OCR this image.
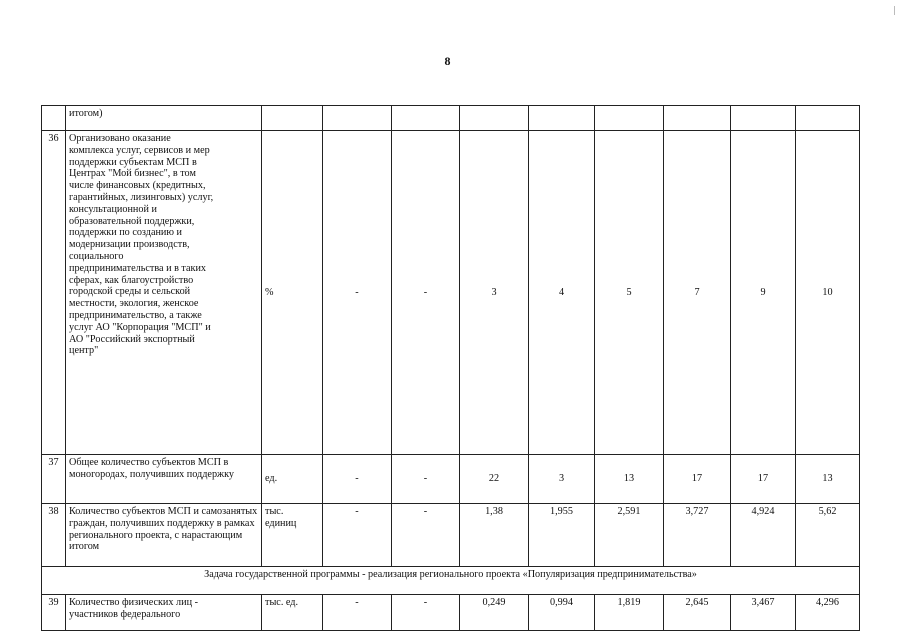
8
	итогом)									
36	Организовано оказание комплекса услуг, сервисов и мер поддержки субъектам МСП в Центрах "Мой бизнес", в том числе финансовых (кредитных, гарантийных, лизинговых) услуг, консультационной и образовательной поддержки, поддержки по созданию и модернизации производств, социального предпринимательства и в таких сферах, как благоустройство городской среды и сельской местности, экология, женское предпринимательство, а также услуг АО "Корпорация "МСП" и АО "Российский экспортный центр"	%	-	-	3	4	5	7	9	10
37	Общее количество субъектов МСП в моногородах, получивших поддержку	ед.	-	-	22	3	13	17	17	13
38	Количество субъектов МСП и самозанятых граждан, получивших поддержку в рамках регионального проекта, с нарастающим итогом	тыс. единиц	-	-	1,38	1,955	2,591	3,727	4,924	5,62
Задача государственной программы - реализация регионального проекта «Популяризация предпринимательства»										
39	Количество физических лиц - участников федерального	тыс. ед.	-	-	0,249	0,994	1,819	2,645	3,467	4,296
